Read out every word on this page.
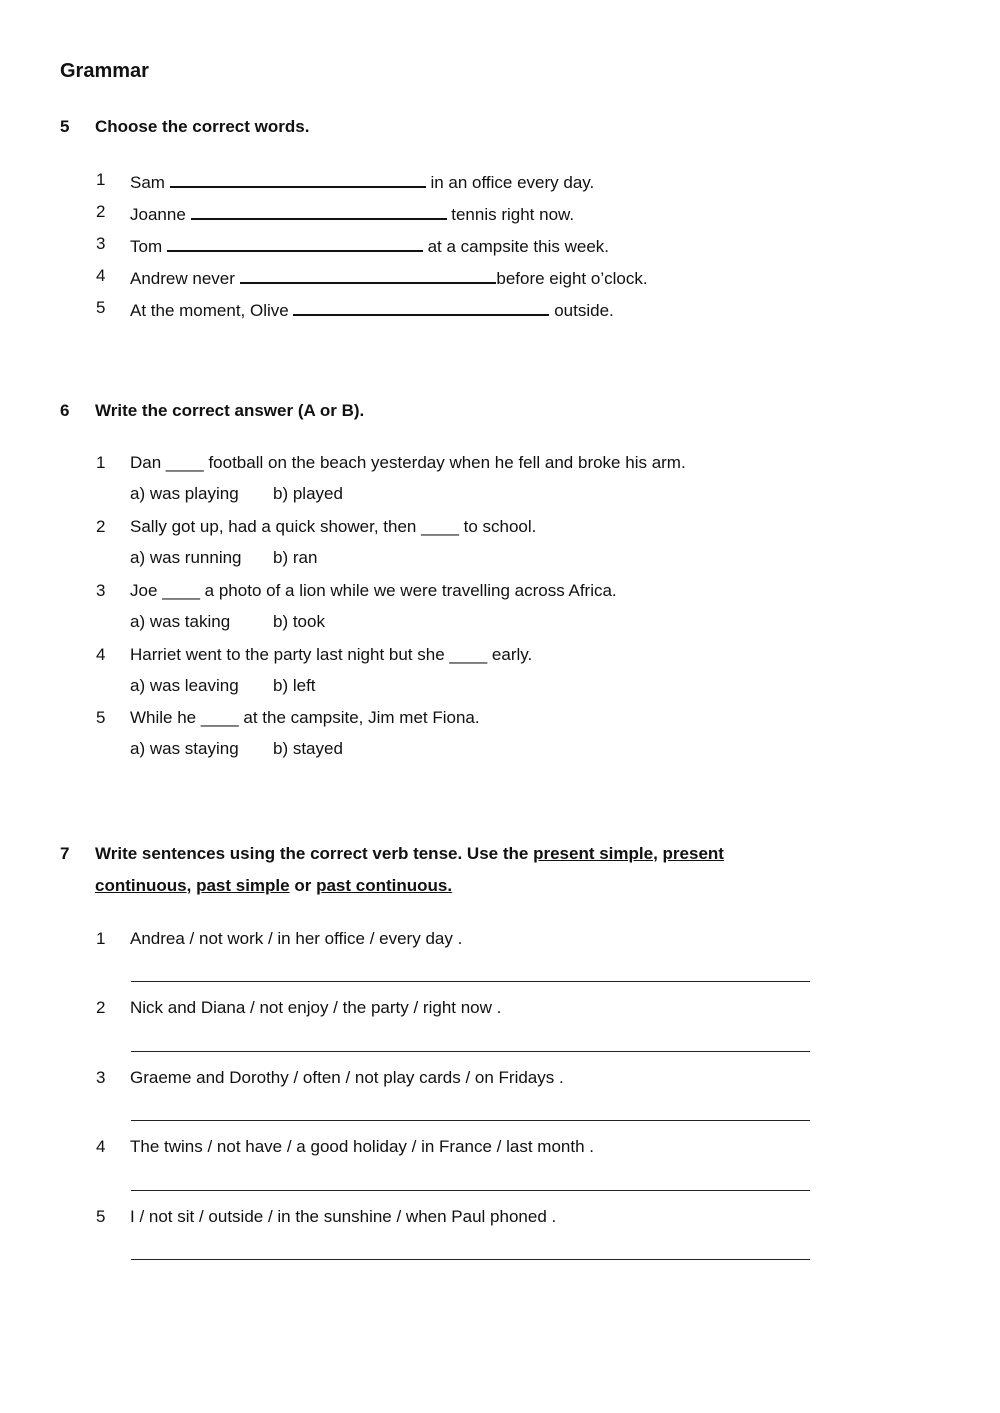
Grammar
5 Choose the correct words.
1	Sam	in an office every day.
2	Joanne	tennis right now.
3	Tom	at a campsite this week.
4	Andrew never	before eight o’clock.
5	At the moment, Olive	outside.
6 Write the correct answer (A or B).
1	Dan ____ football on the beach yesterday when he fell and broke his arm.
a) was playing b) played
2	Sally got up, had a quick shower, then ____ to school.
a) was running b) ran
3	Joe ____ a photo of a lion while we were travelling across Africa.
a) was taking	b) took
4	Harriet went to the party last night but she ____ early.
a) was leaving b) left
5	While he ____ at the campsite, Jim met Fiona.
a) was staying b) stayed
7 Write sentences using the correct verb tense. Use the present simple, present
continuous, past simple or past continuous.
1	Andrea / not work / in her office / every day .
2	Nick and Diana / not enjoy / the party / right now .
3	Graeme and Dorothy / often / not play cards / on Fridays .
4	The twins / not have / a good holiday / in France / last month .
5	I / not sit / outside / in the sunshine / when Paul phoned .
